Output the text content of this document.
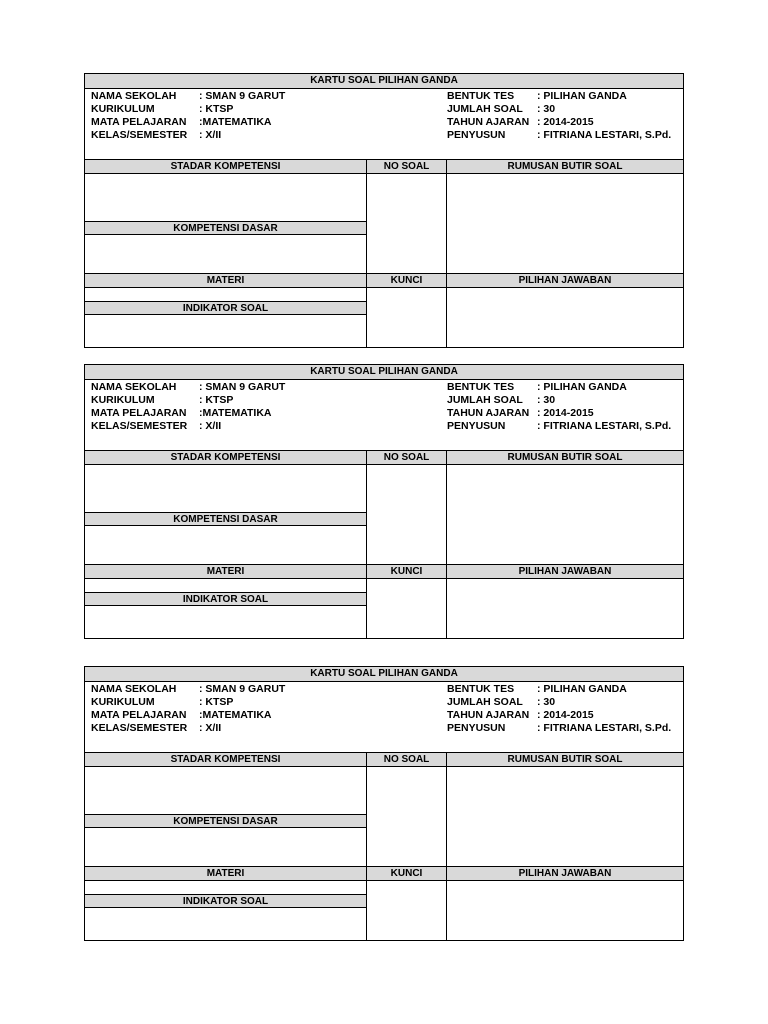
KARTU SOAL PILIHAN GANDA
NAMA SEKOLAH : SMAN 9 GARUT
KURIKULUM	: KTSP
MATA PELAJARAN :MATEMATIKA
KELAS/SEMESTER : X/II
BENTUK TES : PILIHAN GANDA
JUMLAH SOAL : 30
TAHUN AJARAN : 2014-2015
PENYUSUN	: FITRIANA LESTARI, S.Pd.
STADAR KOMPETENSI	NO SOAL	RUMUSAN BUTIR SOAL
KOMPETENSI DASAR
MATERI	KUNCI	PILIHAN JAWABAN
INDIKATOR SOAL
KARTU SOAL PILIHAN GANDA
NAMA SEKOLAH : SMAN 9 GARUT
KURIKULUM	: KTSP
MATA PELAJARAN :MATEMATIKA
KELAS/SEMESTER : X/II
BENTUK TES : PILIHAN GANDA
JUMLAH SOAL : 30
TAHUN AJARAN : 2014-2015
PENYUSUN	: FITRIANA LESTARI, S.Pd.
STADAR KOMPETENSI	NO SOAL	RUMUSAN BUTIR SOAL
KOMPETENSI DASAR
MATERI	KUNCI	PILIHAN JAWABAN
INDIKATOR SOAL
KARTU SOAL PILIHAN GANDA
NAMA SEKOLAH : SMAN 9 GARUT
KURIKULUM	: KTSP
MATA PELAJARAN :MATEMATIKA
KELAS/SEMESTER : X/II
BENTUK TES : PILIHAN GANDA
JUMLAH SOAL : 30
TAHUN AJARAN : 2014-2015
PENYUSUN	: FITRIANA LESTARI, S.Pd.
STADAR KOMPETENSI	NO SOAL	RUMUSAN BUTIR SOAL
KOMPETENSI DASAR
MATERI	KUNCI	PILIHAN JAWABAN
INDIKATOR SOAL
